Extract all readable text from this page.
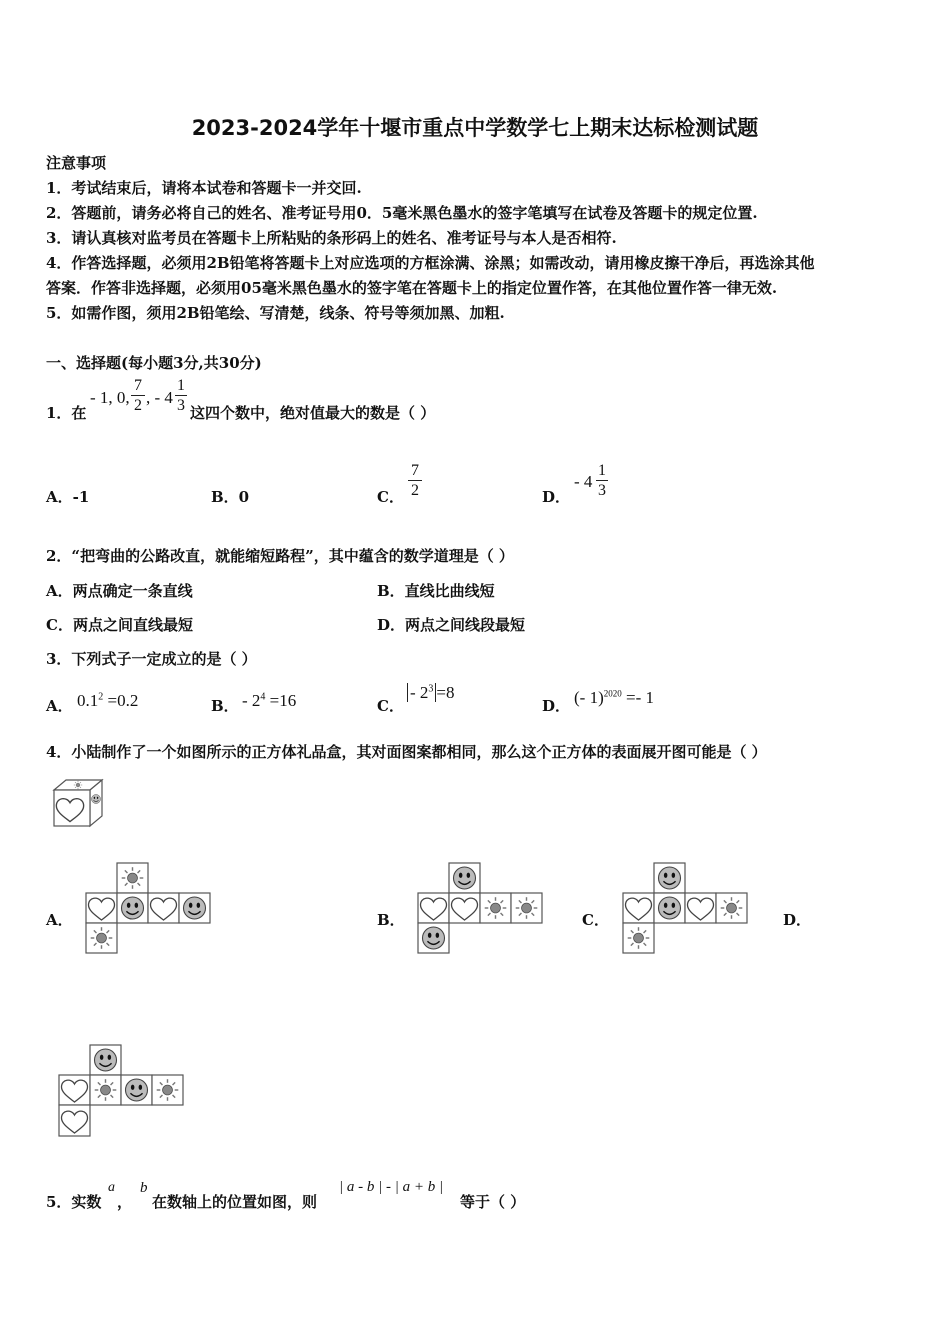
2023-2024学年十堰市重点中学数学七上期末达标检测试题
注意事项
1．考试结束后，请将本试卷和答题卡一并交回.
2．答题前，请务必将自己的姓名、准考证号用0．5毫米黑色墨水的签字笔填写在试卷及答题卡的规定位置.
3．请认真核对监考员在答题卡上所粘贴的条形码上的姓名、准考证号与本人是否相符.
4．作答选择题，必须用2B铅笔将答题卡上对应选项的方框涂满、涂黑；如需改动，请用橡皮擦干净后，再选涂其他
答案．作答非选择题，必须用05毫米黑色墨水的签字笔在答题卡上的指定位置作答，在其他位置作答一律无效.
5．如需作图，须用2B铅笔绘、写清楚，线条、符号等须加黑、加粗.
一、选择题(每小题3分,共30分)
1．在
- 1, 0,
7
2 , - 4
1
3 这四个数中，绝对值最大的数是（ ）
A．-1	B．0	C．
7
2	D．
- 4
1
3
2．“把弯曲的公路改直，就能缩短路程”，其中蕴含的数学道理是（ ）
A．两点确定一条直线	B．直线比曲线短
C．两点之间直线最短	D．两点之间线段最短
3．下列式子一定成立的是（ ）
A． $0.1^2 =0.2$	B． - $2^4 =16$	C．
- $2^3 =8$
D． (- 1)$^{2020}$ =- 1
4．小陆制作了一个如图所示的正方体礼品盒，其对面图案都相同，那么这个正方体的表面展开图可能是（ ）
A．	B．	C．	D．
5．实数
a
，
b
在数轴上的位置如图，则
| a - b | - | a + b |
等于（ ）
